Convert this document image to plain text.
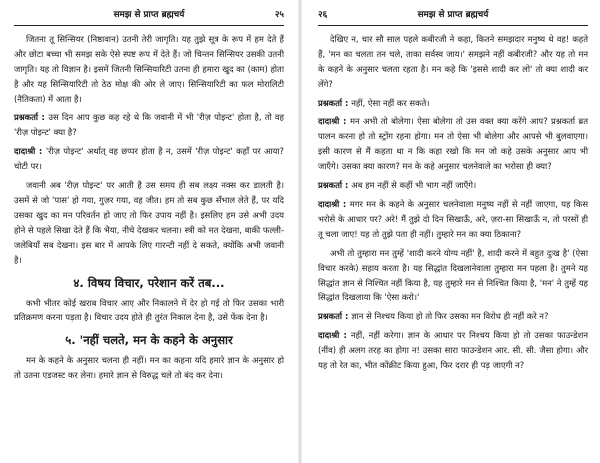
समझ से प्राप्त ब्रह्मचर्य	२५

जितना तू सिन्सियर (निष्ठावान) उतनी तेरी जागृति। यह तुझे सूत्र के रूप में हम देते हैं और छोटा बच्चा भी समझ सके ऐसे स्पष्ट रूप में देते हैं। जो चिन्तन सिन्सियर उसकी उतनी जागृति। यह तो विज्ञान है। इसमें जितनी सिन्सियारिटी उतना ही हमारा खुद का (काम) होता है और यह सिन्सियारिटी तो ठेठ मोक्ष की ओर ले जाए। सिन्सियारिटी का फल मोरालिटी (नैतिकता) में आता है।

प्रश्नकर्ता : उस दिन आप कुछ कह रहे थे कि जवानी में भी 'रीज़ पोइन्ट' होता है, तो वह 'रीज़ पोइन्ट' क्या है?

दादाश्री : 'रीज़ पोइन्ट' अर्थात् वह छप्पर होता है न, उसमें 'रीज़ पोइन्ट' कहाँ पर आया? चोटी पर।

जवानी अब 'रीज़ पोइन्ट' पर आती है उस समय ही सब लक्ष्य नक्स कर डालती है। उसमें से जो 'पास' हो गया, गुज़र गया, वह जीत। हम तो सब कुछ सँभाल लेते हैं, पर यदि उसका खुद का मन परिवर्तन हो जाए तो फिर उपाय नहीं है। इसलिए हम उसे अभी उदय होने से पहले सिखा देते हैं कि भैया, नीचे देखकर चलना। स्त्री को मत देखना, बाकी फल्ली-जलेबियाँ सब देखना। इस बार में आपके लिए गारन्टी नहीं दे सकते, क्योंकि अभी जवानी है।

४. विषय विचार, परेशान करें तब...

कभी भीतर कोई खराब विचार आए और निकालने में देर हो गई तो फिर उसका भारी प्रतिक्रमण करना पड़ता है। विचार उदय होते ही तुरंत निकाल देना है, उसे फेंक देना है।

५. 'नहीं चलते, मन के कहने के अनुसार

मन के कहने के अनुसार चलना ही नहीं। मन का कहना यदि हमारे ज्ञान के अनुसार हो तो उतना एडजस्ट कर लेना। हमारे ज्ञान से विरुद्ध चले तो बंद कर देना।

२६	समझ से प्राप्त ब्रह्मचर्य

देखिए न, चार सौ साल पहले कबीरजी ने कहा, कितने समझदार मनुष्य थे वह! कहते हैं, 'मन का चलता तन चले, ताका सर्वस्व जाय।' समझने नहीं कबीरजी? और यह तो मन के कहने के अनुसार चलता रहता है। मन कहे कि 'इससे शादी कर लो' तो क्या शादी कर लेंगे?

प्रश्नकर्ता : नहीं, ऐसा नहीं कर सकते।

दादाश्री : मन अभी तो बोलेगा। ऐसा बोलेगा तो उस वक्त क्या करेंगे आप? प्रश्नकर्ता ब्रत पालन करना हो तो स्ट्रोंग रहना होगा। मन तो ऐसा भी बोलेगा और आपसे भी बुलवाएगा। इसी कारण से मैं कहता था न कि कहा रखो कि मन जो कहे उसके अनुसार आप भी जाएँगे। उसका क्या कारण? मन के कहे अनुसार चलनेवाले का भरोसा ही क्या?

प्रश्नकर्ता : अब हम नहीं से कहीं भी भाग नहीं जाएँगे।

दादाश्री : मगर मन के कहने के अनुसार चलनेवाला मनुष्य नहीं से नहीं जाएगा, यह किस भरोसे के आधार पर? अरे! मैं तुझे दो दिन सिखाऊँ, अरे, ज़रा-सा सिखाऊँ न, तो परसों ही तू चला जाए! यह तो तुझे पता ही नहीं। तुम्हारे मन का क्या ठिकाना?

अभी तो तुम्हारा मन तुम्हें 'शादी करने योग्य नहीं' है, शादी करने में बहुत दुःख है' (ऐसा विचार करके) सहाय करता है। यह सिद्धांत दिखलानेवाला तुम्हारा मन पहला है। तुमने यह सिद्धांत ज्ञान से निश्चित नहीं किया है, यह तुम्हारे मन से निश्चित किया है, 'मन' ने तुम्हें यह सिद्धांत दिखलाया कि 'ऐसा करो।'

प्रश्नकर्ता : ज्ञान से निश्चय किया हो तो फिर उसका मन विरोध ही नहीं करे न?

दादाश्री : नहीं, नहीं करेगा। ज्ञान के आधार पर निश्चय किया हो तो उसका फाउन्डेशन (नींव) ही अलग तरह का होगा न! उसका सारा फाउन्डेशन आर. सी. सी. जैसा होगा। और यह तो रेत का, भीत कोंक्रीट किया हुआ, फिर दरार ही पड़ जाएगी न?
